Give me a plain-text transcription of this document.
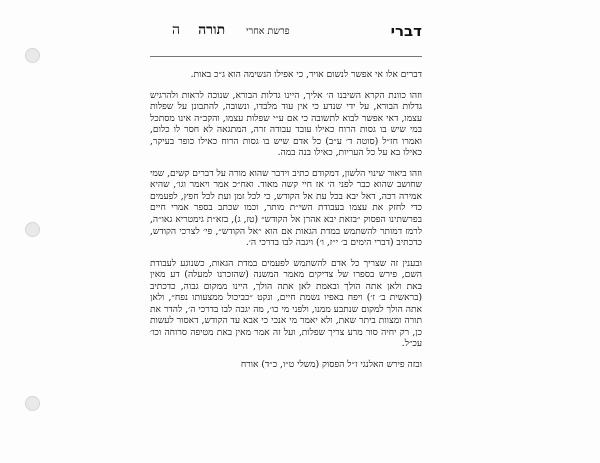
דברי
פרשת אחרי
תורהה

דברים אלו אי אפשר לנשום אויר, כי אפילו הנשימה הוא ג״כ באות.

וזהו כוונת הקרא השיבנו ה׳ אליך, היינו גדלות הבורא, שנוכה לראות ולהרגיש גדלות הבורא, על ידי שנדע כי אין עוד מלבדו, ונשובה, להתבונן על שפלות עצמו, דאי אפשר לבוא לתשובה כי אם ע״י שפלות עצמו, והקב״ה אינו מסתכל במי שיש בו גסות הרוח כאילו עובד עבודה זרה, המתגאה לא חסר לו כלום, ואמרו חז״ל (סוטה ד׳ ע״ב) כל אדם שיש בו גסות הרוח כאילו כופר בעיקר, כאילו בא על כל העריות, כאילו בנה במה.

וזהו ביאור שינוי הלשון, דמקודם כתיב וידבר שהוא מורה על דברים קשים, שמי שחושב שהוא כבר לפני ה׳ אז חיי קשה מאוד. ואח״כ אמר ויאמר וגו׳, שהיא אמירה רכה, דאל יבא בכל עת אל הקודש, כי לכל זמן ועת לכל חפץ, לפעמים כדי לחזק את עצמו בעבודת השי״ת מותר, וכמו שכתב בספר אמרי חיים בפרשתינו הפסוק ״בזאת יבא אהרן אל הקודש״ (טז, ג), בזא״ת גימטריא גאו״ה, לרמז דמותר להשתמש במדת הגאות אם הוא ״אל הקודש״, פי׳ לצרכי הקודש, כדכתיב (דברי הימים ב׳ י״ז, ו׳) ויגבה לבו בדרכי ה׳.

ובענין זה שצריך כל אדם להשתמש לפעמים במדת הגאות, כשנוגע לעבודת השם, פירש בספרו של צדיקים מאמר המשנה (שהזכרנו למעלה) דע מאין באת ולאן אתה הולך ובאמת לאן אתה הולך, היינו ממקום גבוה, כדכתיב (בראשית ב׳ ז׳) ויפח באפיו נשמת חיים, ונקט ״כביכול ממצעותו נפח״, ולאן אתה הולך למקום שנתבע ממנו, ולפני מי כו׳, מה יגבה לבו בדרכי ה׳, להדר את תורה ומצוות ביתר שאת, ולא יאמר מי אנכי כי אבא עד הקודש, דאסור לעשות כן, רק יחיה סור מרע צריך שפלות, ועל זה אמר מאין באת מטיפה סרוחה וכו׳ עכ״ל.

ובזה פירש האלנגי ז״ל הפסוק (משלי ט״ו, כ״ד) אורח
